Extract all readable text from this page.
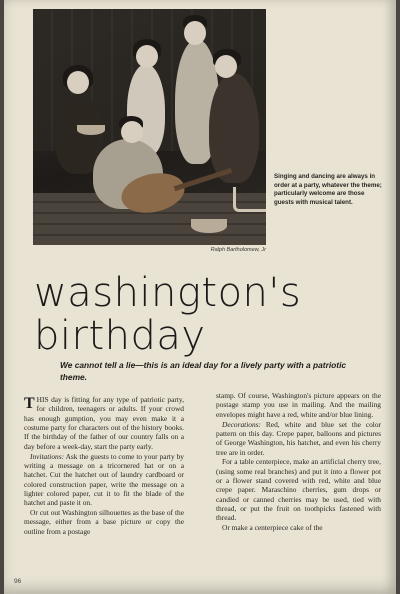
Singing and dancing are always in order at a party, whatever the theme; particularly welcome are those guests with musical talent.

Ralph Bartholomew, Jr

washington's
birthday

We cannot tell a lie—this is an ideal day for a lively party with a patriotic theme.

THIS day is fitting for any type of patriotic party, for children, teenagers or adults. If your crowd has enough gumption, you may even make it a costume party for characters out of the history books. If the birthday of the father of our country falls on a day before a week-day, start the party early.

Invitations: Ask the guests to come to your party by writing a message on a tricornered hat or on a hatchet. Cut the hatchet out of laundry cardboard or colored construction paper, write the message on a lighter colored paper, cut it to fit the blade of the hatchet and paste it on.

Or cut out Washington silhouettes as the base of the message, either from a base picture or copy the outline from a postage

stamp. Of course, Washington's picture appears on the postage stamp you use in mailing. And the mailing envelopes might have a red, white and/or blue lining.

Decorations: Red, white and blue set the color pattern on this day. Crepe paper, balloons and pictures of George Washington, his hatchet, and even his cherry tree are in order.

For a table centerpiece, make an artificial cherry tree, (using some real branches) and put it into a flower pot or a flower stand covered with red, white and blue crepe paper. Maraschino cherries, gum drops or candied or canned cherries may be used, tied with thread, or put the fruit on toothpicks fastened with thread.

Or make a centerpiece cake of the

96
